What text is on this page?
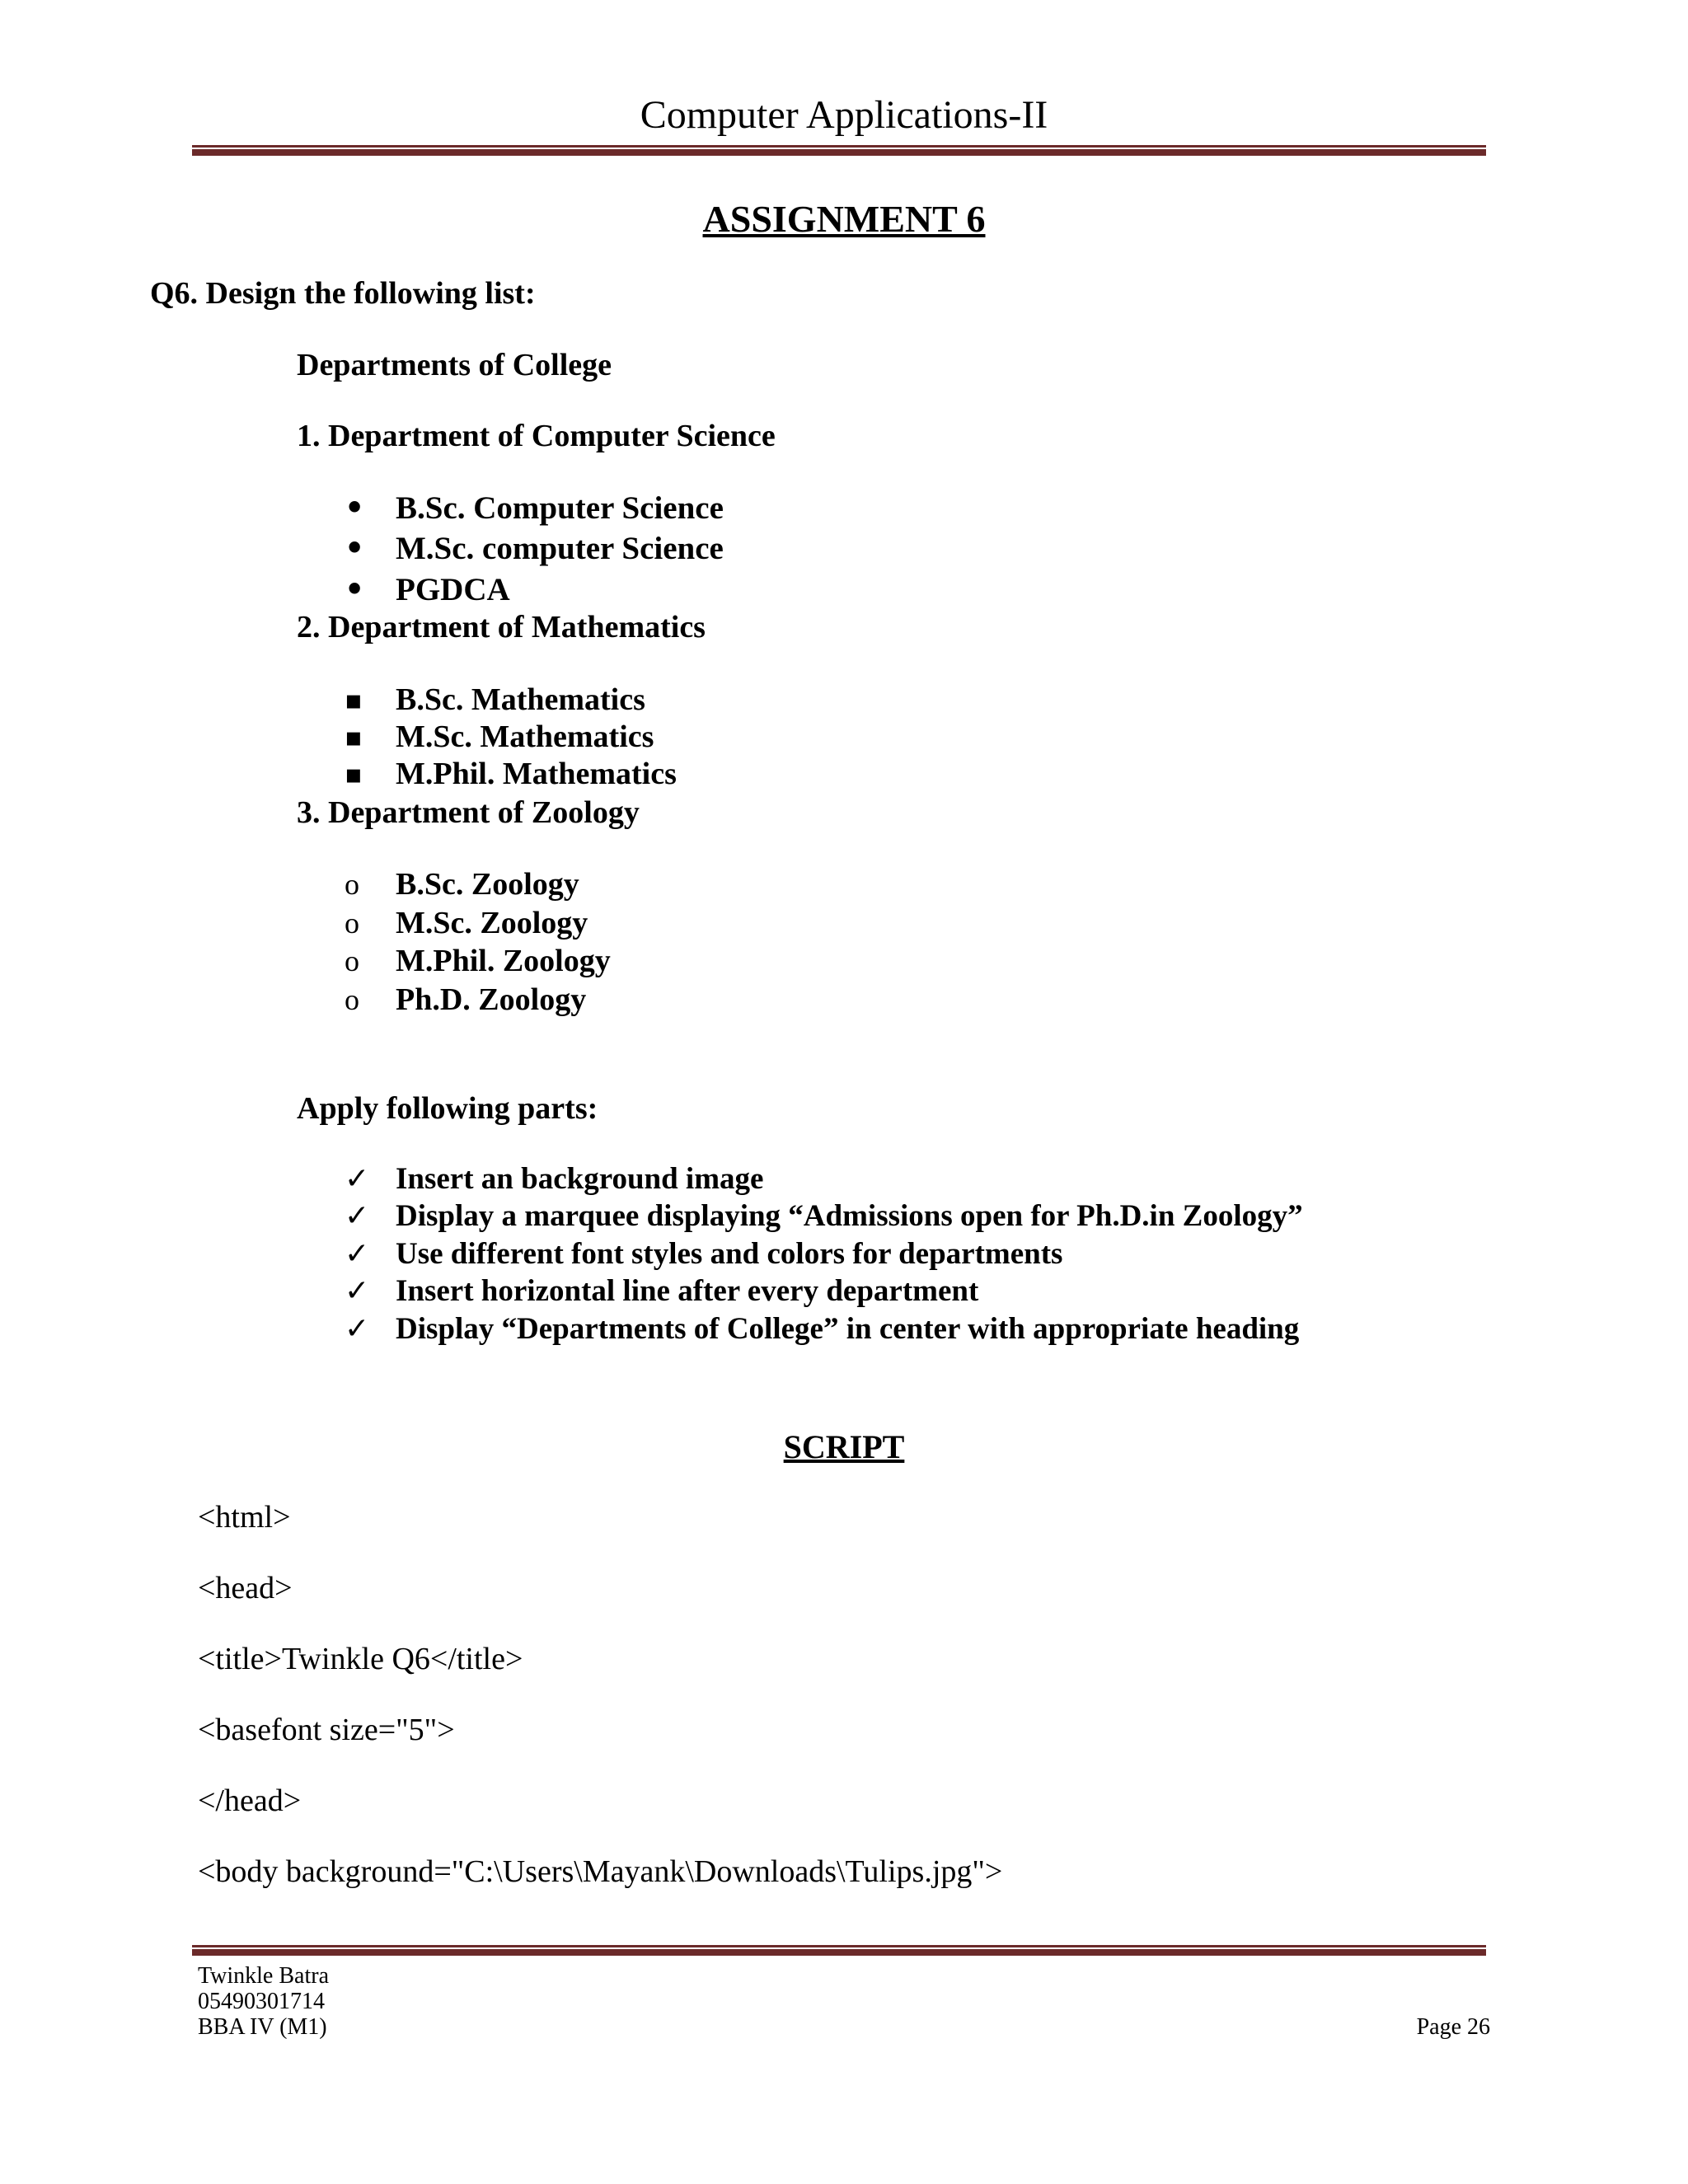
Computer Applications-II
ASSIGNMENT 6
Q6. Design the following list:
Departments of College
1. Department of Computer Science
•
B.Sc. Computer Science
•
M.Sc. computer Science
•
PGDCA
2. Department of Mathematics
▪
B.Sc. Mathematics
▪
M.Sc. Mathematics
▪
M.Phil. Mathematics
3. Department of Zoology
o
B.Sc. Zoology
o
M.Sc. Zoology
o
M.Phil. Zoology
o
Ph.D. Zoology
Apply following parts:
✓
Insert an background image
✓
Display a marquee displaying “Admissions open for Ph.D.in Zoology”
✓
Use different font styles and colors for departments
✓
Insert horizontal line after every department
✓
Display “Departments of College” in center with appropriate heading
SCRIPT
<html>
<head>
<title>Twinkle Q6</title>
<basefont size="5">
</head>
<body background="C:\Users\Mayank\Downloads\Tulips.jpg">
Twinkle Batra
05490301714
BBA IV (M1)	Page 26
